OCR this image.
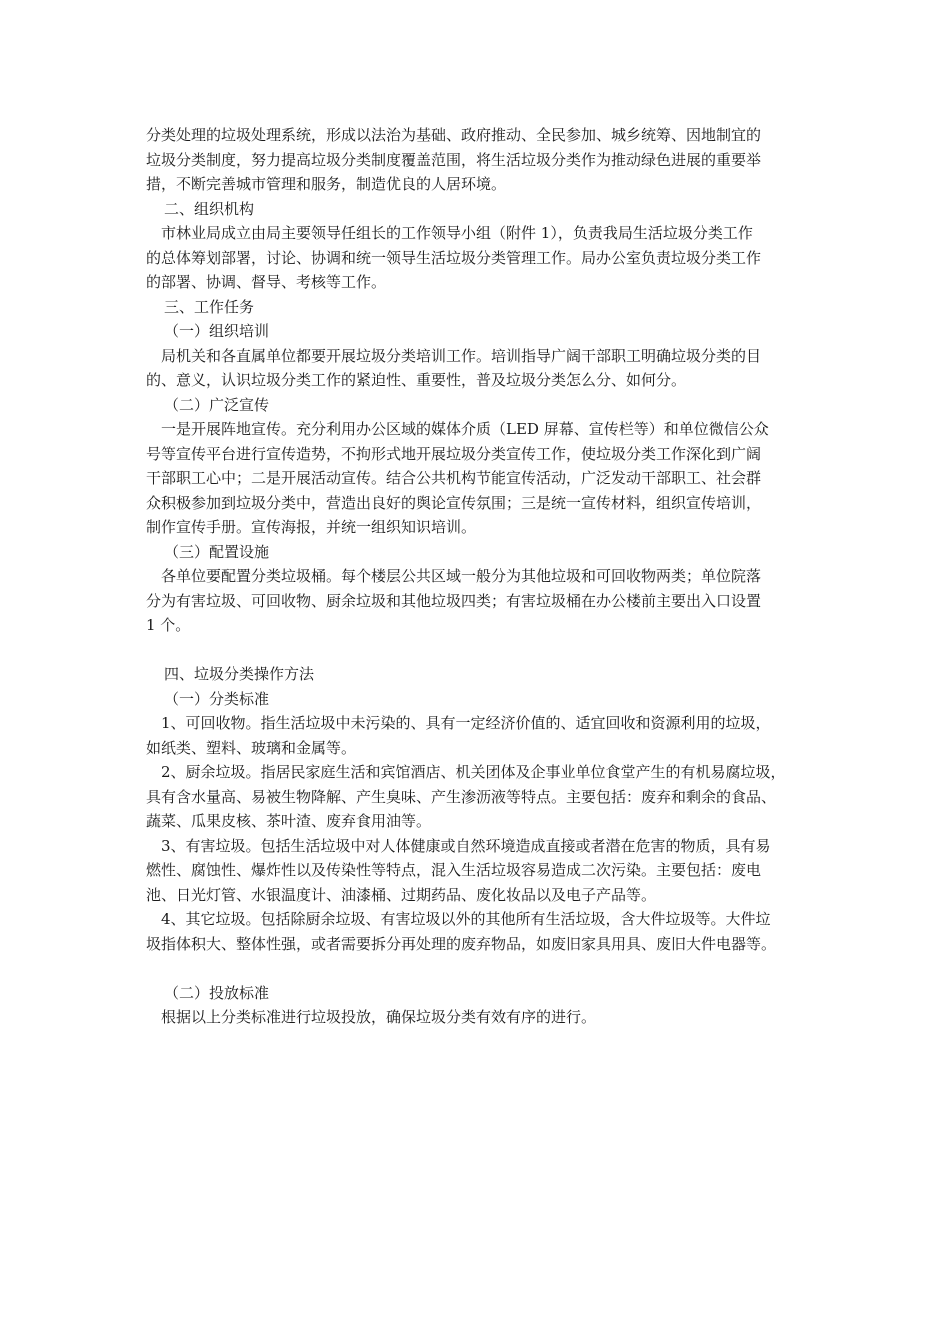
分类处理的垃圾处理系统，形成以法治为基础、政府推动、全民参加、城乡统筹、因地制宜的
垃圾分类制度，努力提高垃圾分类制度覆盖范围，将生活垃圾分类作为推动绿色进展的重要举
措，不断完善城市管理和服务，制造优良的人居环境。
二、组织机构
市林业局成立由局主要领导任组长的工作领导小组（附件 1），负责我局生活垃圾分类工作
的总体筹划部署，讨论、协调和统一领导生活垃圾分类管理工作。局办公室负责垃圾分类工作
的部署、协调、督导、考核等工作。
三、工作任务
（一）组织培训
局机关和各直属单位都要开展垃圾分类培训工作。培训指导广阔干部职工明确垃圾分类的目
的、意义，认识垃圾分类工作的紧迫性、重要性，普及垃圾分类怎么分、如何分。
（二）广泛宣传
一是开展阵地宣传。充分利用办公区域的媒体介质（LED 屏幕、宣传栏等）和单位微信公众
号等宣传平台进行宣传造势，不拘形式地开展垃圾分类宣传工作，使垃圾分类工作深化到广阔
干部职工心中；二是开展活动宣传。结合公共机构节能宣传活动，广泛发动干部职工、社会群
众积极参加到垃圾分类中，营造出良好的舆论宣传氛围；三是统一宣传材料，组织宣传培训，
制作宣传手册。宣传海报，并统一组织知识培训。
（三）配置设施
各单位要配置分类垃圾桶。每个楼层公共区域一般分为其他垃圾和可回收物两类；单位院落
分为有害垃圾、可回收物、厨余垃圾和其他垃圾四类；有害垃圾桶在办公楼前主要出入口设置
1 个。
四、垃圾分类操作方法
（一）分类标准
1、可回收物。指生活垃圾中未污染的、具有一定经济价值的、适宜回收和资源利用的垃圾，
如纸类、塑料、玻璃和金属等。
2、厨余垃圾。指居民家庭生活和宾馆酒店、机关团体及企事业单位食堂产生的有机易腐垃圾，
具有含水量高、易被生物降解、产生臭味、产生渗沥液等特点。主要包括：废弃和剩余的食品、
蔬菜、瓜果皮核、茶叶渣、废弃食用油等。
3、有害垃圾。包括生活垃圾中对人体健康或自然环境造成直接或者潜在危害的物质，具有易
燃性、腐蚀性、爆炸性以及传染性等特点，混入生活垃圾容易造成二次污染。主要包括：废电
池、日光灯管、水银温度计、油漆桶、过期药品、废化妆品以及电子产品等。
4、其它垃圾。包括除厨余垃圾、有害垃圾以外的其他所有生活垃圾，含大件垃圾等。大件垃
圾指体积大、整体性强，或者需要拆分再处理的废弃物品，如废旧家具用具、废旧大件电器等。
（二）投放标准
根据以上分类标准进行垃圾投放，确保垃圾分类有效有序的进行。
